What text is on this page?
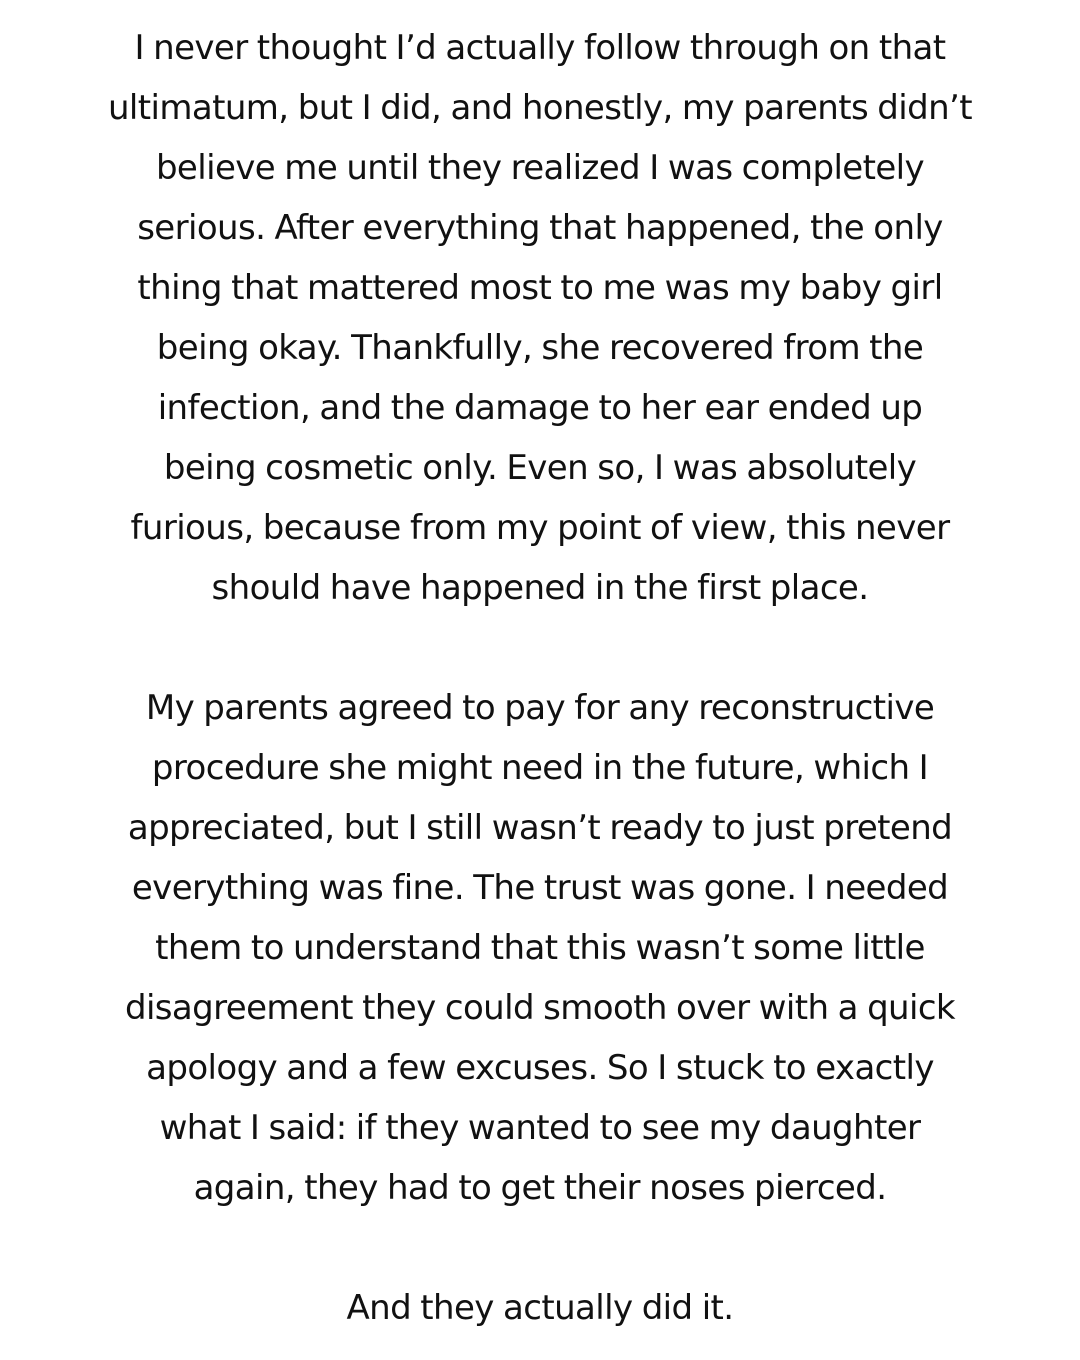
I never thought I’d actually follow through on that
ultimatum, but I did, and honestly, my parents didn’t
believe me until they realized I was completely
serious. After everything that happened, the only
thing that mattered most to me was my baby girl
being okay. Thankfully, she recovered from the
infection, and the damage to her ear ended up
being cosmetic only. Even so, I was absolutely
furious, because from my point of view, this never
should have happened in the first place.

My parents agreed to pay for any reconstructive
procedure she might need in the future, which I
appreciated, but I still wasn’t ready to just pretend
everything was fine. The trust was gone. I needed
them to understand that this wasn’t some little
disagreement they could smooth over with a quick
apology and a few excuses. So I stuck to exactly
what I said: if they wanted to see my daughter
again, they had to get their noses pierced.

And they actually did it.
